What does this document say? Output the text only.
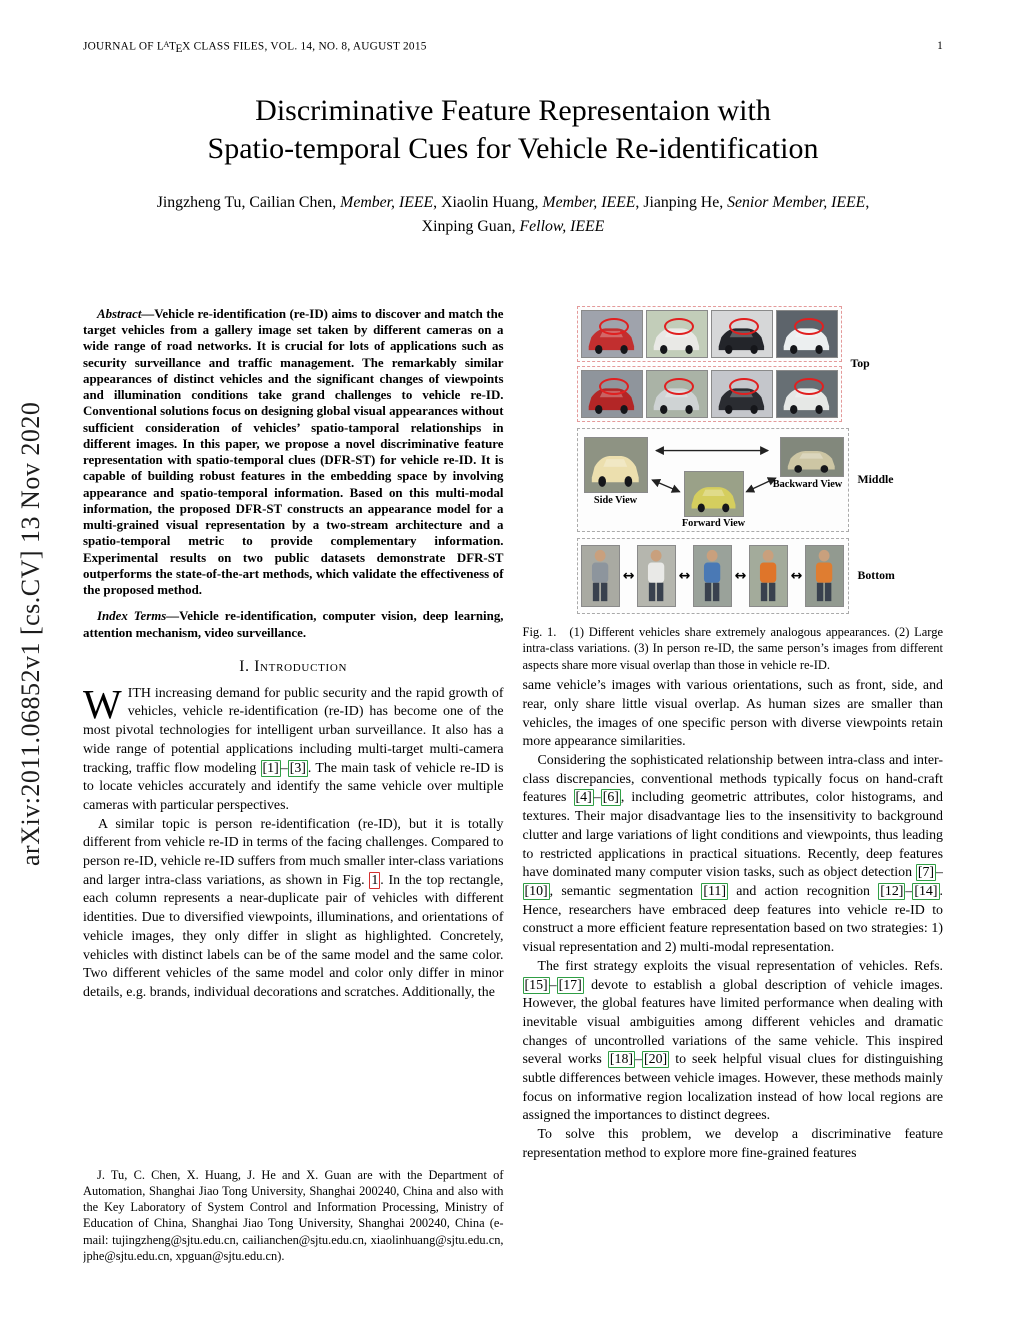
JOURNAL OF $L^ATEX$ CLASS FILES, VOL. 14, NO. 8, AUGUST 2015	1
arXiv:2011.06852v1 [cs.CV] 13 Nov 2020
Discriminative Feature Representaion with
Spatio-temporal Cues for Vehicle Re-identification
Jingzheng Tu, Cailian Chen, Member, IEEE, Xiaolin Huang, Member, IEEE, Jianping He, Senior Member, IEEE,
Xinping Guan, Fellow, IEEE

Abstract—Vehicle re-identification (re-ID) aims to discover and match the target vehicles from a gallery image set taken by different cameras on a wide range of road networks. It is crucial for lots of applications such as security surveillance and traffic management. The remarkably similar appearances of distinct vehicles and the significant changes of viewpoints and illumination conditions take grand challenges to vehicle re-ID. Conventional solutions focus on designing global visual appearances without sufficient consideration of vehicles’ spatio-tamporal relationships in different images. In this paper, we propose a novel discriminative feature representation with spatio-temporal clues (DFR-ST) for vehicle re-ID. It is capable of building robust features in the embedding space by involving appearance and spatio-temporal information. Based on this multi-modal information, the proposed DFR-ST constructs an appearance model for a multi-grained visual representation by a two-stream architecture and a spatio-temporal metric to provide complementary information. Experimental results on two public datasets demonstrate DFR-ST outperforms the state-of-the-art methods, which validate the effectiveness of the proposed method.

Index Terms—Vehicle re-identification, computer vision, deep learning, attention mechanism, video surveillance.

I. Introduction

WITH increasing demand for public security and the rapid growth of vehicles, vehicle re-identification (re-ID) has become one of the most pivotal technologies for intelligent urban surveillance. It also has a wide range of potential applications including multi-target multi-camera tracking, traffic flow modeling [1] – [3] . The main task of vehicle re-ID is to locate vehicles accurately and identify the same vehicle over multiple cameras with particular perspectives.

A similar topic is person re-identification (re-ID), but it is totally different from vehicle re-ID in terms of the facing challenges. Compared to person re-ID, vehicle re-ID suffers from much smaller inter-class variations and larger intra-class variations, as shown in Fig. 1 . In the top rectangle, each column represents a near-duplicate pair of vehicles with different identities. Due to diversified viewpoints, illuminations, and orientations of vehicle images, they only differ in slight as highlighted. Concretely, vehicles with distinct labels can be of the same model and the same color. Two different vehicles of the same model and color only differ in minor details, e.g. brands, individual decorations and scratches. Additionally, the

J. Tu, C. Chen, X. Huang, J. He and X. Guan are with the Department of Automation, Shanghai Jiao Tong University, Shanghai 200240, China and also with the Key Laboratory of System Control and Information Processing, Ministry of Education of China, Shanghai Jiao Tong University, Shanghai 200240, China (e-mail: tujingzheng@sjtu.edu.cn, cailianchen@sjtu.edu.cn, xiaolinhuang@sjtu.edu.cn, jphe@sjtu.edu.cn, xpguan@sjtu.edu.cn).

Top
Side View
Forward View
Backward View	Middle
↔	↔	↔	↔	Bottom

Fig. 1. (1) Different vehicles share extremely analogous appearances. (2) Large intra-class variations. (3) In person re-ID, the same person’s images from different aspects share more visual overlap than those in vehicle re-ID.

same vehicle’s images with various orientations, such as front, side, and rear, only share little visual overlap. As human sizes are smaller than vehicles, the images of one specific person with diverse viewpoints retain more appearance similarities.

Considering the sophisticated relationship between intra-class and inter-class discrepancies, conventional methods typically focus on hand-craft features [4] – [6] , including geometric attributes, color histograms, and textures. Their major disadvantage lies to the insensitivity to background clutter and large variations of light conditions and viewpoints, thus leading to restricted applications in practical situations. Recently, deep features have dominated many computer vision tasks, such as object detection [7] –[10] , semantic segmentation [11] and action recognition [12] – [14] . Hence, researchers have embraced deep features into vehicle re-ID to construct a more efficient feature representation based on two strategies: 1) visual representation and 2) multi-modal representation.

The first strategy exploits the visual representation of vehicles. Refs. [15] – [17] devote to establish a global description of vehicle images. However, the global features have limited performance when dealing with inevitable visual ambiguities among different vehicles and dramatic changes of uncontrolled variations of the same vehicle. This inspired several works [18] – [20] to seek helpful visual clues for distinguishing subtle differences between vehicle images. However, these methods mainly focus on informative region localization instead of how local regions are assigned the importances to distinct degrees.

To solve this problem, we develop a discriminative feature representation method to explore more fine-grained features
